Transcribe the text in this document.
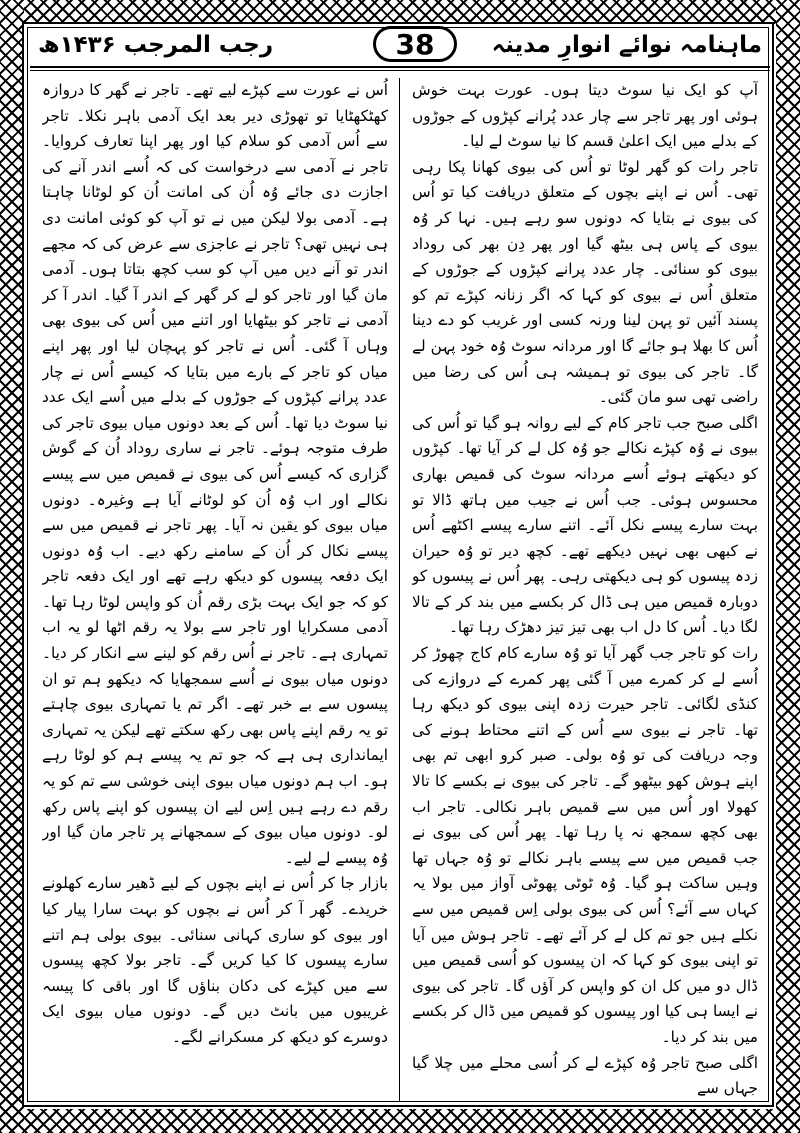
ماہنامہ نوائے انوارِ مدینہ
38
رجب المرجب ۱۴۳۶ھ

آپ کو ایک نیا سوٹ دیتا ہوں۔ عورت بہت خوش ہوئی اور پھر تاجر سے چار عدد پُرانے کپڑوں کے جوڑوں کے بدلے میں ایک اعلیٰ قسم کا نیا سوٹ لے لیا۔

تاجر رات کو گھر لوٹا تو اُس کی بیوی کھانا پکا رہی تھی۔ اُس نے اپنے بچوں کے متعلق دریافت کیا تو اُس کی بیوی نے بتایا کہ دونوں سو رہے ہیں۔ نہا کر وُہ بیوی کے پاس ہی بیٹھ گیا اور پھر دِن بھر کی روداد بیوی کو سنائی۔ چار عدد پرانے کپڑوں کے جوڑوں کے متعلق اُس نے بیوی کو کہا کہ اگر زنانہ کپڑے تم کو پسند آئیں تو پہن لینا ورنہ کسی اور غریب کو دے دینا اُس کا بھلا ہو جائے گا اور مردانہ سوٹ وُہ خود پہن لے گا۔ تاجر کی بیوی تو ہمیشہ ہی اُس کی رضا میں راضی تھی سو مان گئی۔

اگلی صبح جب تاجر کام کے لیے روانہ ہو گیا تو اُس کی بیوی نے وُہ کپڑے نکالے جو وُہ کل لے کر آیا تھا۔ کپڑوں کو دیکھتے ہوئے اُسے مردانہ سوٹ کی قمیص بھاری محسوس ہوئی۔ جب اُس نے جیب میں ہاتھ ڈالا تو بہت سارے پیسے نکل آئے۔ اتنے سارے پیسے اکٹھے اُس نے کبھی بھی نہیں دیکھے تھے۔ کچھ دیر تو وُہ حیران زدہ پیسوں کو ہی دیکھتی رہی۔ پھر اُس نے پیسوں کو دوبارہ قمیص میں ہی ڈال کر بکسے میں بند کر کے تالا لگا دیا۔ اُس کا دل اب بھی تیز تیز دھڑک رہا تھا۔

رات کو تاجر جب گھر آیا تو وُہ سارے کام کاج چھوڑ کر اُسے لے کر کمرے میں آ گئی پھر کمرے کے دروازے کی کنڈی لگائی۔ تاجر حیرت زدہ اپنی بیوی کو دیکھ رہا تھا۔ تاجر نے بیوی سے اُس کے اتنے محتاط ہونے کی وجہ دریافت کی تو وُہ بولی۔ صبر کرو ابھی تم بھی اپنے ہوش کھو بیٹھو گے۔ تاجر کی بیوی نے بکسے کا تالا کھولا اور اُس میں سے قمیص باہر نکالی۔ تاجر اب بھی کچھ سمجھ نہ پا رہا تھا۔ پھر اُس کی بیوی نے جب قمیص میں سے پیسے باہر نکالے تو وُہ جہاں تھا وہیں ساکت ہو گیا۔ وُہ ٹوٹی پھوٹی آواز میں بولا یہ کہاں سے آئے؟ اُس کی بیوی بولی اِس قمیص میں سے نکلے ہیں جو تم کل لے کر آئے تھے۔ تاجر ہوش میں آیا تو اپنی بیوی کو کہا کہ ان پیسوں کو اُسی قمیص میں ڈال دو میں کل ان کو واپس کر آؤں گا۔ تاجر کی بیوی نے ایسا ہی کیا اور پیسوں کو قمیص میں ڈال کر بکسے میں بند کر دیا۔

اگلی صبح تاجر وُہ کپڑے لے کر اُسی محلے میں چلا گیا جہاں سے

اُس نے عورت سے کپڑے لیے تھے۔ تاجر نے گھر کا دروازہ کھٹکھٹایا تو تھوڑی دیر بعد ایک آدمی باہر نکلا۔ تاجر سے اُس آدمی کو سلام کیا اور پھر اپنا تعارف کروایا۔ تاجر نے آدمی سے درخواست کی کہ اُسے اندر آنے کی اجازت دی جائے وُہ اُن کی امانت اُن کو لوٹانا چاہتا ہے۔ آدمی بولا لیکن میں نے تو آپ کو کوئی امانت دی ہی نہیں تھی؟ تاجر نے عاجزی سے عرض کی کہ مجھے اندر تو آنے دیں میں آپ کو سب کچھ بتاتا ہوں۔ آدمی مان گیا اور تاجر کو لے کر گھر کے اندر آ گیا۔ اندر آ کر آدمی نے تاجر کو بیٹھایا اور اتنے میں اُس کی بیوی بھی وہاں آ گئی۔ اُس نے تاجر کو پہچان لیا اور پھر اپنے میاں کو تاجر کے بارے میں بتایا کہ کیسے اُس نے چار عدد پرانے کپڑوں کے جوڑوں کے بدلے میں اُسے ایک عدد نیا سوٹ دیا تھا۔ اُس کے بعد دونوں میاں بیوی تاجر کی طرف متوجہ ہوئے۔ تاجر نے ساری روداد اُن کے گوش گزاری کہ کیسے اُس کی بیوی نے قمیص میں سے پیسے نکالے اور اب وُہ اُن کو لوٹانے آیا ہے وغیرہ۔ دونوں میاں بیوی کو یقین نہ آیا۔ پھر تاجر نے قمیص میں سے پیسے نکال کر اُن کے سامنے رکھ دیے۔ اب وُہ دونوں ایک دفعہ پیسوں کو دیکھ رہے تھے اور ایک دفعہ تاجر کو کہ جو ایک بہت بڑی رقم اُن کو واپس لوٹا رہا تھا۔ آدمی مسکرایا اور تاجر سے بولا یہ رقم اٹھا لو یہ اب تمہاری ہے۔ تاجر نے اُس رقم کو لینے سے انکار کر دیا۔ دونوں میاں بیوی نے اُسے سمجھایا کہ دیکھو ہم تو ان پیسوں سے بے خبر تھے۔ اگر تم یا تمہاری بیوی چاہتے تو یہ رقم اپنے پاس بھی رکھ سکتے تھے لیکن یہ تمہاری ایمانداری ہی ہے کہ جو تم یہ پیسے ہم کو لوٹا رہے ہو۔ اب ہم دونوں میاں بیوی اپنی خوشی سے تم کو یہ رقم دے رہے ہیں اِس لیے ان پیسوں کو اپنے پاس رکھ لو۔ دونوں میاں بیوی کے سمجھانے پر تاجر مان گیا اور وُہ پیسے لے لیے۔

بازار جا کر اُس نے اپنے بچوں کے لیے ڈھیر سارے کھلونے خریدے۔ گھر آ کر اُس نے بچوں کو بہت سارا پیار کیا اور بیوی کو ساری کہانی سنائی۔ بیوی بولی ہم اتنے سارے پیسوں کا کیا کریں گے۔ تاجر بولا کچھ پیسوں سے میں کپڑے کی دکان بناؤں گا اور باقی کا پیسہ غریبوں میں بانٹ دیں گے۔ دونوں میاں بیوی ایک دوسرے کو دیکھ کر مسکرانے لگے۔
